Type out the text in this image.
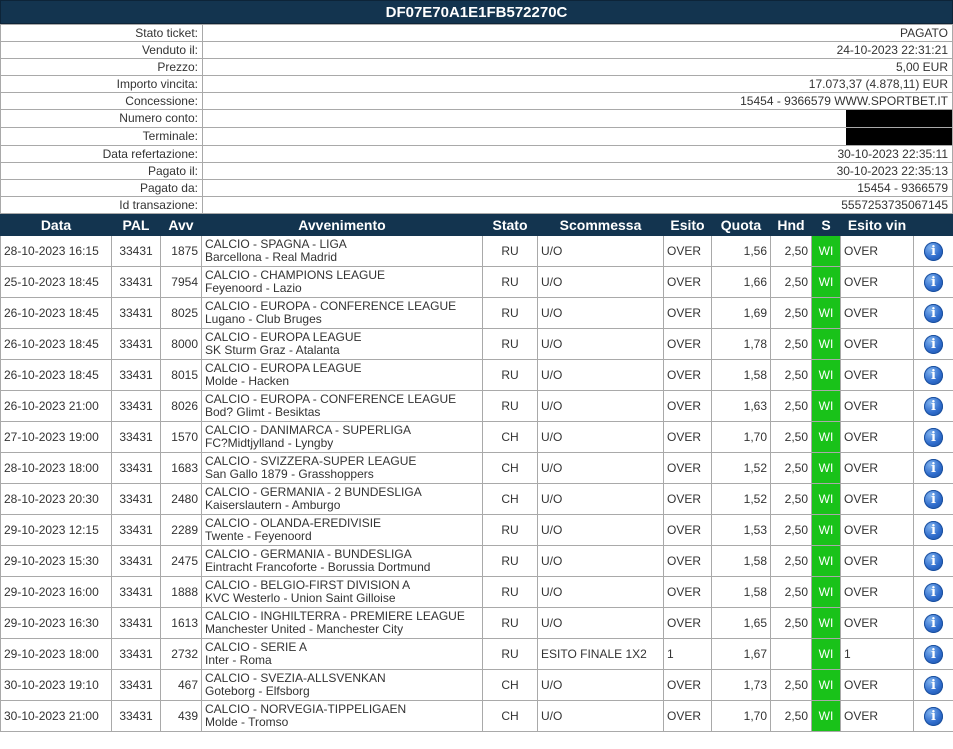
DF07E70A1E1FB572270C
Stato ticket:	PAGATO
Venduto il:	24-10-2023 22:31:21
Prezzo:	5,00 EUR
Importo vincita:	17.073,37 (4.878,11) EUR
Concessione:	15454 - 9366579 WWW.SPORTBET.IT
Numero conto:	
Terminale:	
Data refertazione:	30-10-2023 22:35:11
Pagato il:	30-10-2023 22:35:13
Pagato da:	15454 - 9366579
Id transazione:	5557253735067145
Data	PAL	Avv	Avvenimento	Stato	Scommessa	Esito	Quota	Hnd	S	Esito vin	
28-10-2023 16:15	33431	1875	CALCIO - SPAGNA - LIGA
Barcellona - Real Madrid	RU	U/O	OVER	1,56	2,50	WI	OVER	i
25-10-2023 18:45	33431	7954	CALCIO - CHAMPIONS LEAGUE
Feyenoord - Lazio	RU	U/O	OVER	1,66	2,50	WI	OVER	i
26-10-2023 18:45	33431	8025	CALCIO - EUROPA - CONFERENCE LEAGUE
Lugano - Club Bruges	RU	U/O	OVER	1,69	2,50	WI	OVER	i
26-10-2023 18:45	33431	8000	CALCIO - EUROPA LEAGUE
SK Sturm Graz - Atalanta	RU	U/O	OVER	1,78	2,50	WI	OVER	i
26-10-2023 18:45	33431	8015	CALCIO - EUROPA LEAGUE
Molde - Hacken	RU	U/O	OVER	1,58	2,50	WI	OVER	i
26-10-2023 21:00	33431	8026	CALCIO - EUROPA - CONFERENCE LEAGUE
Bod? Glimt - Besiktas	RU	U/O	OVER	1,63	2,50	WI	OVER	i
27-10-2023 19:00	33431	1570	CALCIO - DANIMARCA - SUPERLIGA
FC?Midtjylland - Lyngby	CH	U/O	OVER	1,70	2,50	WI	OVER	i
28-10-2023 18:00	33431	1683	CALCIO - SVIZZERA-SUPER LEAGUE
San Gallo 1879 - Grasshoppers	CH	U/O	OVER	1,52	2,50	WI	OVER	i
28-10-2023 20:30	33431	2480	CALCIO - GERMANIA - 2 BUNDESLIGA
Kaiserslautern - Amburgo	CH	U/O	OVER	1,52	2,50	WI	OVER	i
29-10-2023 12:15	33431	2289	CALCIO - OLANDA-EREDIVISIE
Twente - Feyenoord	RU	U/O	OVER	1,53	2,50	WI	OVER	i
29-10-2023 15:30	33431	2475	CALCIO - GERMANIA - BUNDESLIGA
Eintracht Francoforte - Borussia Dortmund	RU	U/O	OVER	1,58	2,50	WI	OVER	i
29-10-2023 16:00	33431	1888	CALCIO - BELGIO-FIRST DIVISION A
KVC Westerlo - Union Saint Gilloise	RU	U/O	OVER	1,58	2,50	WI	OVER	i
29-10-2023 16:30	33431	1613	CALCIO - INGHILTERRA - PREMIERE LEAGUE
Manchester United - Manchester City	RU	U/O	OVER	1,65	2,50	WI	OVER	i
29-10-2023 18:00	33431	2732	CALCIO - SERIE A
Inter - Roma	RU	ESITO FINALE 1X2	1	1,67		WI	1	i
30-10-2023 19:10	33431	467	CALCIO - SVEZIA-ALLSVENKAN
Goteborg - Elfsborg	CH	U/O	OVER	1,73	2,50	WI	OVER	i
30-10-2023 21:00	33431	439	CALCIO - NORVEGIA-TIPPELIGAEN
Molde - Tromso	CH	U/O	OVER	1,70	2,50	WI	OVER	i
